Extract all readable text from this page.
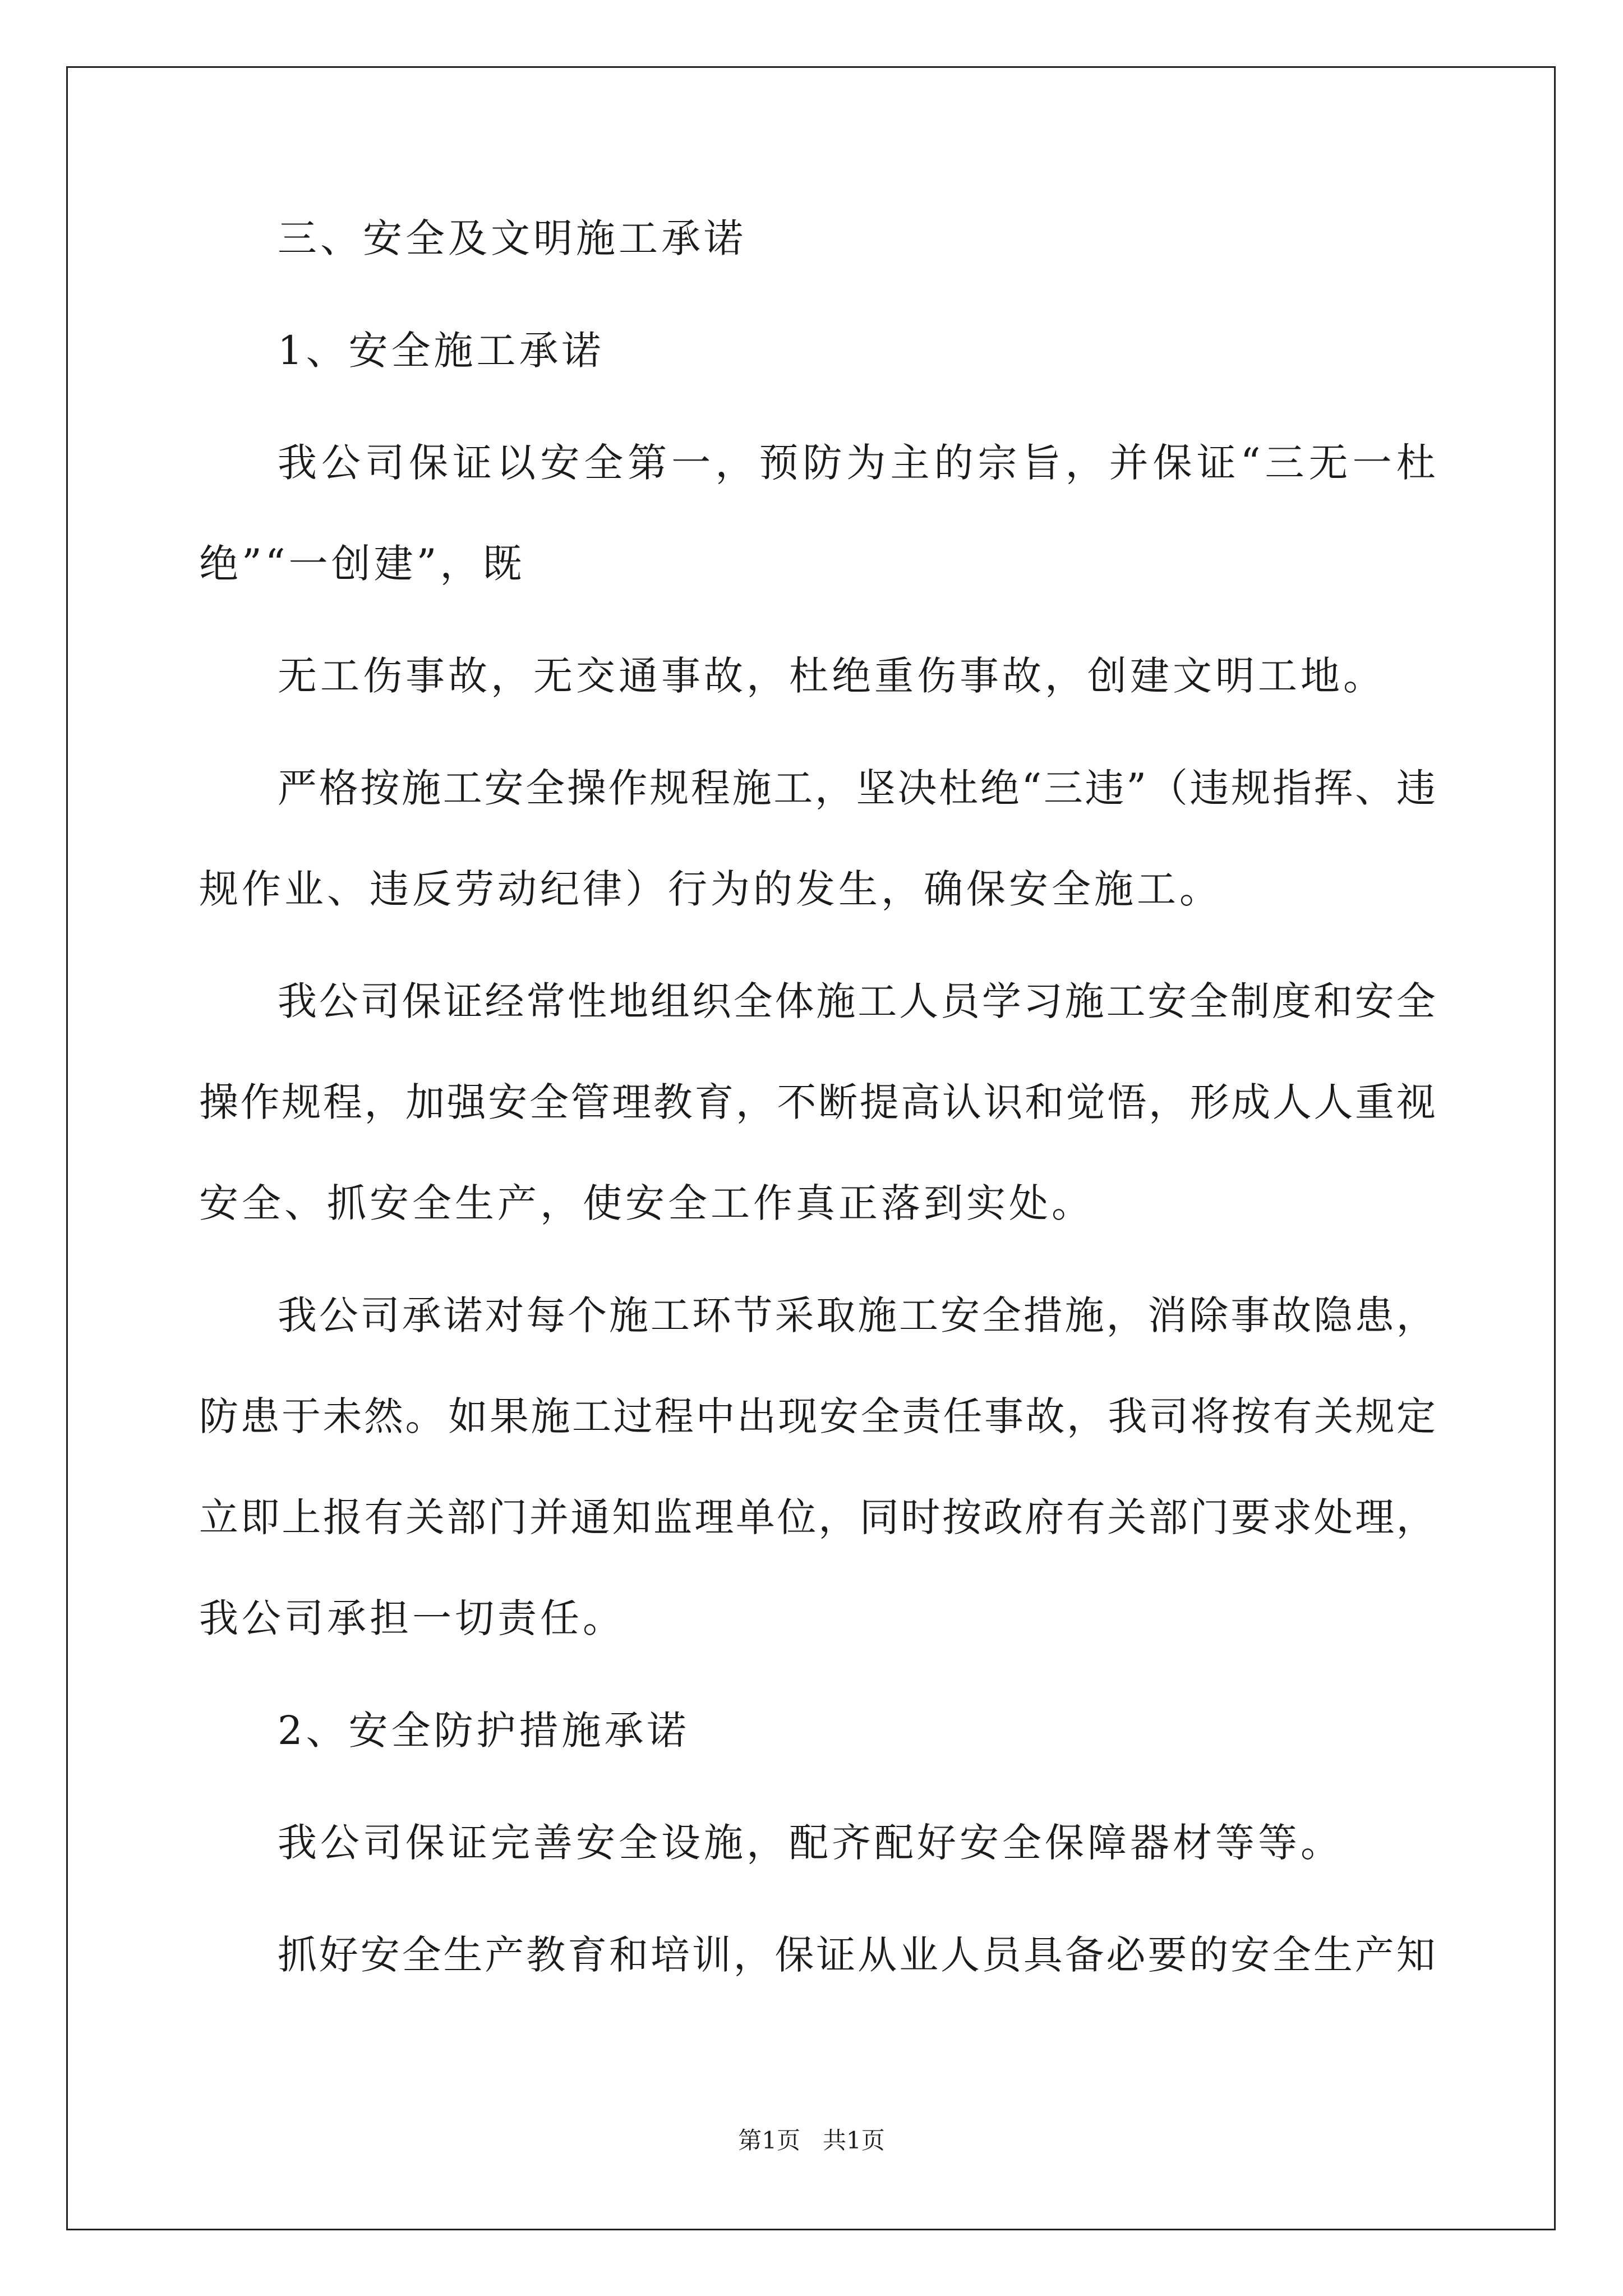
三、安全及文明施工承诺

1、安全施工承诺

我 公 司 保 证 以 安 全 第 一 ， 预 防 为 主 的 宗 旨 ， 并 保 证 “ 三 无 一 杜

绝”“一创建”，既

无工伤事故，无交通事故，杜绝重伤事故，创建文明工地。

严 格 按 施 工 安 全 操 作 规 程 施 工 ， 坚 决 杜 绝 “ 三 违 ” （ 违 规 指 挥 、 违

规作业、违反劳动纪律）行为的发生，确保安全施工。

我 公 司 保 证 经 常 性 地 组 织 全 体 施 工 人 员 学 习 施 工 安 全 制 度 和 安 全

操 作 规 程 ， 加 强 安 全 管 理 教 育 ， 不 断 提 高 认 识 和 觉 悟 ， 形 成 人 人 重 视

安全、抓安全生产，使安全工作真正落到实处。

我 公 司 承 诺 对 每 个 施 工 环 节 采 取 施 工 安 全 措 施 ， 消 除 事 故 隐 患 ，

防 患 于 未 然 。 如 果 施 工 过 程 中 出 现 安 全 责 任 事 故 ， 我 司 将 按 有 关 规 定

立 即 上 报 有 关 部 门 并 通 知 监 理 单 位 ， 同 时 按 政 府 有 关 部 门 要 求 处 理 ，

我公司承担一切责任。

2、安全防护措施承诺

我公司保证完善安全设施，配齐配好安全保障器材等等。

抓 好 安 全 生 产 教 育 和 培 训 ， 保 证 从 业 人 员 具 备 必 要 的 安 全 生 产 知

第1页 共1页
